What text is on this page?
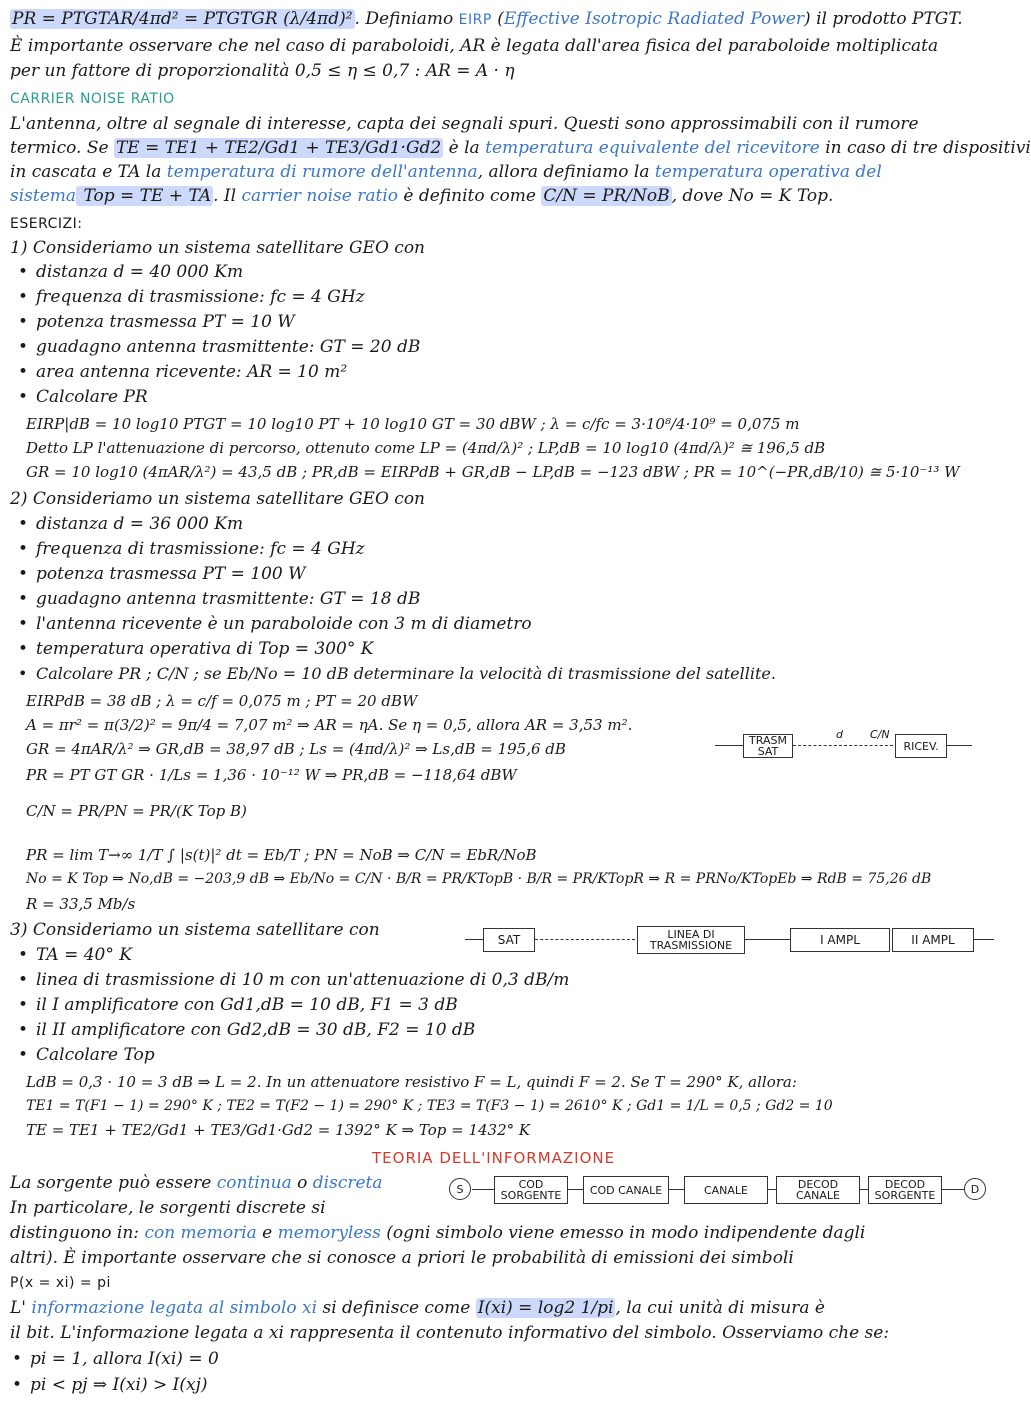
PR = PTGTAR/4πd² = PTGTGR (λ/4πd)² . Definiamo EIRP (Effective Isotropic Radiated Power) il prodotto PTGT.
È importante osservare che nel caso di paraboloidi, AR è legata dall'area fisica del paraboloide moltiplicata
per un fattore di proporzionalità 0,5 ≤ η ≤ 0,7 : AR = A · η
CARRIER NOISE RATIO
L'antenna, oltre al segnale di interesse, capta dei segnali spuri. Questi sono approssimabili con il rumore
termico. Se TE = TE1 + TE2/Gd1 + TE3/Gd1·Gd2 è la temperatura equivalente del ricevitore in caso di tre dispositivi
in cascata e TA la temperatura di rumore dell'antenna, allora definiamo la temperatura operativa del
sistema Top = TE + TA . Il carrier noise ratio è definito come C/N = PR/NoB , dove No = K Top.
ESERCIZI:
1) Consideriamo un sistema satellitare GEO con
• distanza d = 40 000 Km
• frequenza di trasmissione: fc = 4 GHz
• potenza trasmessa PT = 10 W
• guadagno antenna trasmittente: GT = 20 dB
• area antenna ricevente: AR = 10 m²
• Calcolare PR
EIRP|dB = 10 log10 PTGT = 10 log10 PT + 10 log10 GT = 30 dBW ; λ = c/fc = 3·10⁸/4·10⁹ = 0,075 m
Detto LP l'attenuazione di percorso, ottenuto come LP = (4πd/λ)² ; LP,dB = 10 log10 (4πd/λ)² ≅ 196,5 dB
GR = 10 log10 (4πAR/λ²) = 43,5 dB ; PR,dB = EIRPdB + GR,dB − LP,dB = −123 dBW ; PR = 10^(−PR,dB/10) ≅ 5·10⁻¹³ W
2) Consideriamo un sistema satellitare GEO con
• distanza d = 36 000 Km
• frequenza di trasmissione: fc = 4 GHz
• potenza trasmessa PT = 100 W
• guadagno antenna trasmittente: GT = 18 dB
• l'antenna ricevente è un paraboloide con 3 m di diametro
• temperatura operativa di Top = 300° K
• Calcolare PR ; C/N ; se Eb/No = 10 dB determinare la velocità di trasmissione del satellite.
EIRPdB = 38 dB ; λ = c/f = 0,075 m ; PT = 20 dBW
A = πr² = π(3/2)² = 9π/4 = 7,07 m² ⇒ AR = ηA. Se η = 0,5, allora AR = 3,53 m².
GR = 4πAR/λ² ⇒ GR,dB = 38,97 dB ; Ls = (4πd/λ)² ⇒ Ls,dB = 195,6 dB
PR = PT GT GR · 1/Ls = 1,36 · 10⁻¹² W ⇒ PR,dB = −118,64 dBW
C/N = PR/PN = PR/(K Top B)
PR = lim T→∞ 1/T ∫ |s(t)|² dt = Eb/T ; PN = NoB ⇒ C/N = EbR/NoB
No = K Top ⇒ No,dB = −203,9 dB ⇒ Eb/No = C/N · B/R = PR/KTopB · B/R = PR/KTopR ⇒ R = PRNo/KTopEb ⇒ RdB = 75,26 dB
R = 33,5 Mb/s
TRASM SAT
d C/N
RICEV.
3) Consideriamo un sistema satellitare con
• TA = 40° K
• linea di trasmissione di 10 m con un'attenuazione di 0,3 dB/m
• il I amplificatore con Gd1,dB = 10 dB, F1 = 3 dB
• il II amplificatore con Gd2,dB = 30 dB, F2 = 10 dB
• Calcolare Top
LdB = 0,3 · 10 = 3 dB ⇒ L = 2. In un attenuatore resistivo F = L, quindi F = 2. Se T = 290° K, allora:
TE1 = T(F1 − 1) = 290° K ; TE2 = T(F2 − 1) = 290° K ; TE3 = T(F3 − 1) = 2610° K ; Gd1 = 1/L = 0,5 ; Gd2 = 10
TE = TE1 + TE2/Gd1 + TE3/Gd1·Gd2 = 1392° K ⇒ Top = 1432° K
SAT	LINEA DI TRASMISSIONE	I AMPL	II AMPL
TEORIA DELL'INFORMAZIONE
La sorgente può essere continua o discreta
In particolare, le sorgenti discrete si
distinguono in: con memoria e memoryless (ogni simbolo viene emesso in modo indipendente dagli
altri). È importante osservare che si conosce a priori le probabilità di emissioni dei simboli
P(x = xi) = pi
L' informazione legata al simbolo xi si definisce come I(xi) = log2 1/pi , la cui unità di misura è
il bit. L'informazione legata a xi rappresenta il contenuto informativo del simbolo. Osserviamo che se:
• pi = 1, allora I(xi) = 0
• pi < pj ⇒ I(xi) > I(xj)
S	COD SORGENTE	COD CANALE	CANALE	DECOD CANALE
DECOD SORGENTE	D
